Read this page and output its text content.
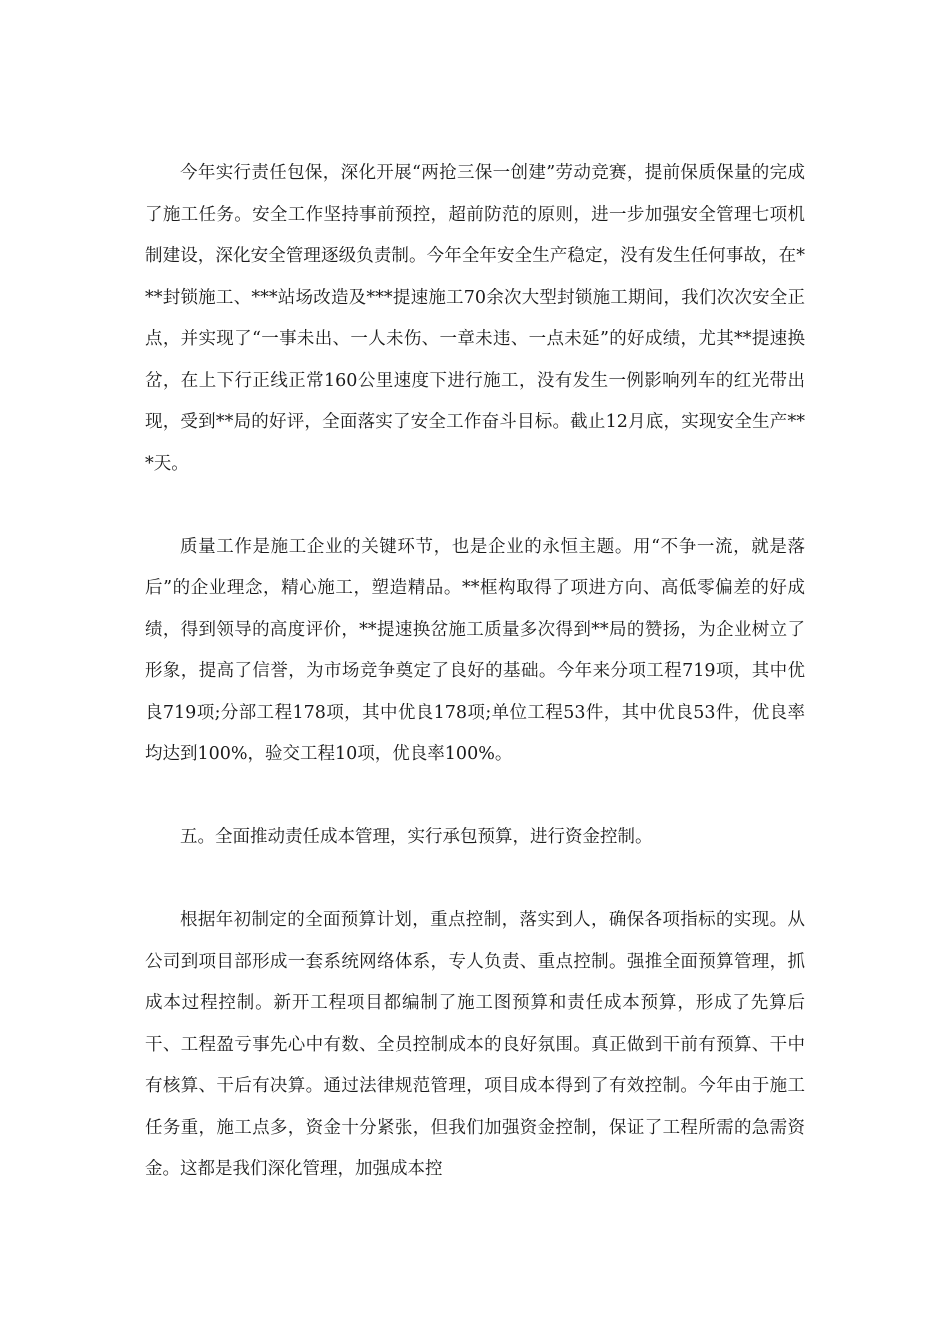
今年实行责任包保，深化开展“两抢三保一创建”劳动竞赛，提前保质保量的完成了施工任务。安全工作坚持事前预控，超前防范的原则，进一步加强安全管理七项机制建设，深化安全管理逐级负责制。今年全年安全生产稳定，没有发生任何事故，在***封锁施工、***站场改造及***提速施工70余次大型封锁施工期间，我们次次安全正点，并实现了“一事未出、一人未伤、一章未违、一点未延”的好成绩，尤其**提速换岔，在上下行正线正常160公里速度下进行施工，没有发生一例影响列车的红光带出现，受到**局的好评，全面落实了安全工作奋斗目标。截止12月底，实现安全生产***天。

质量工作是施工企业的关键环节，也是企业的永恒主题。用“不争一流，就是落后”的企业理念，精心施工，塑造精品。**框构取得了项进方向、高低零偏差的好成绩，得到领导的高度评价，**提速换岔施工质量多次得到**局的赞扬，为企业树立了形象，提高了信誉，为市场竞争奠定了良好的基础。今年来分项工程719项，其中优良719项;分部工程178项，其中优良178项;单位工程53件，其中优良53件，优良率均达到100%，验交工程10项，优良率100%。

五。全面推动责任成本管理，实行承包预算，进行资金控制。

根据年初制定的全面预算计划，重点控制，落实到人，确保各项指标的实现。从公司到项目部形成一套系统网络体系，专人负责、重点控制。强推全面预算管理，抓成本过程控制。新开工程项目都编制了施工图预算和责任成本预算，形成了先算后干、工程盈亏事先心中有数、全员控制成本的良好氛围。真正做到干前有预算、干中有核算、干后有决算。通过法律规范管理，项目成本得到了有效控制。今年由于施工任务重，施工点多，资金十分紧张，但我们加强资金控制，保证了工程所需的急需资金。这都是我们深化管理，加强成本控
